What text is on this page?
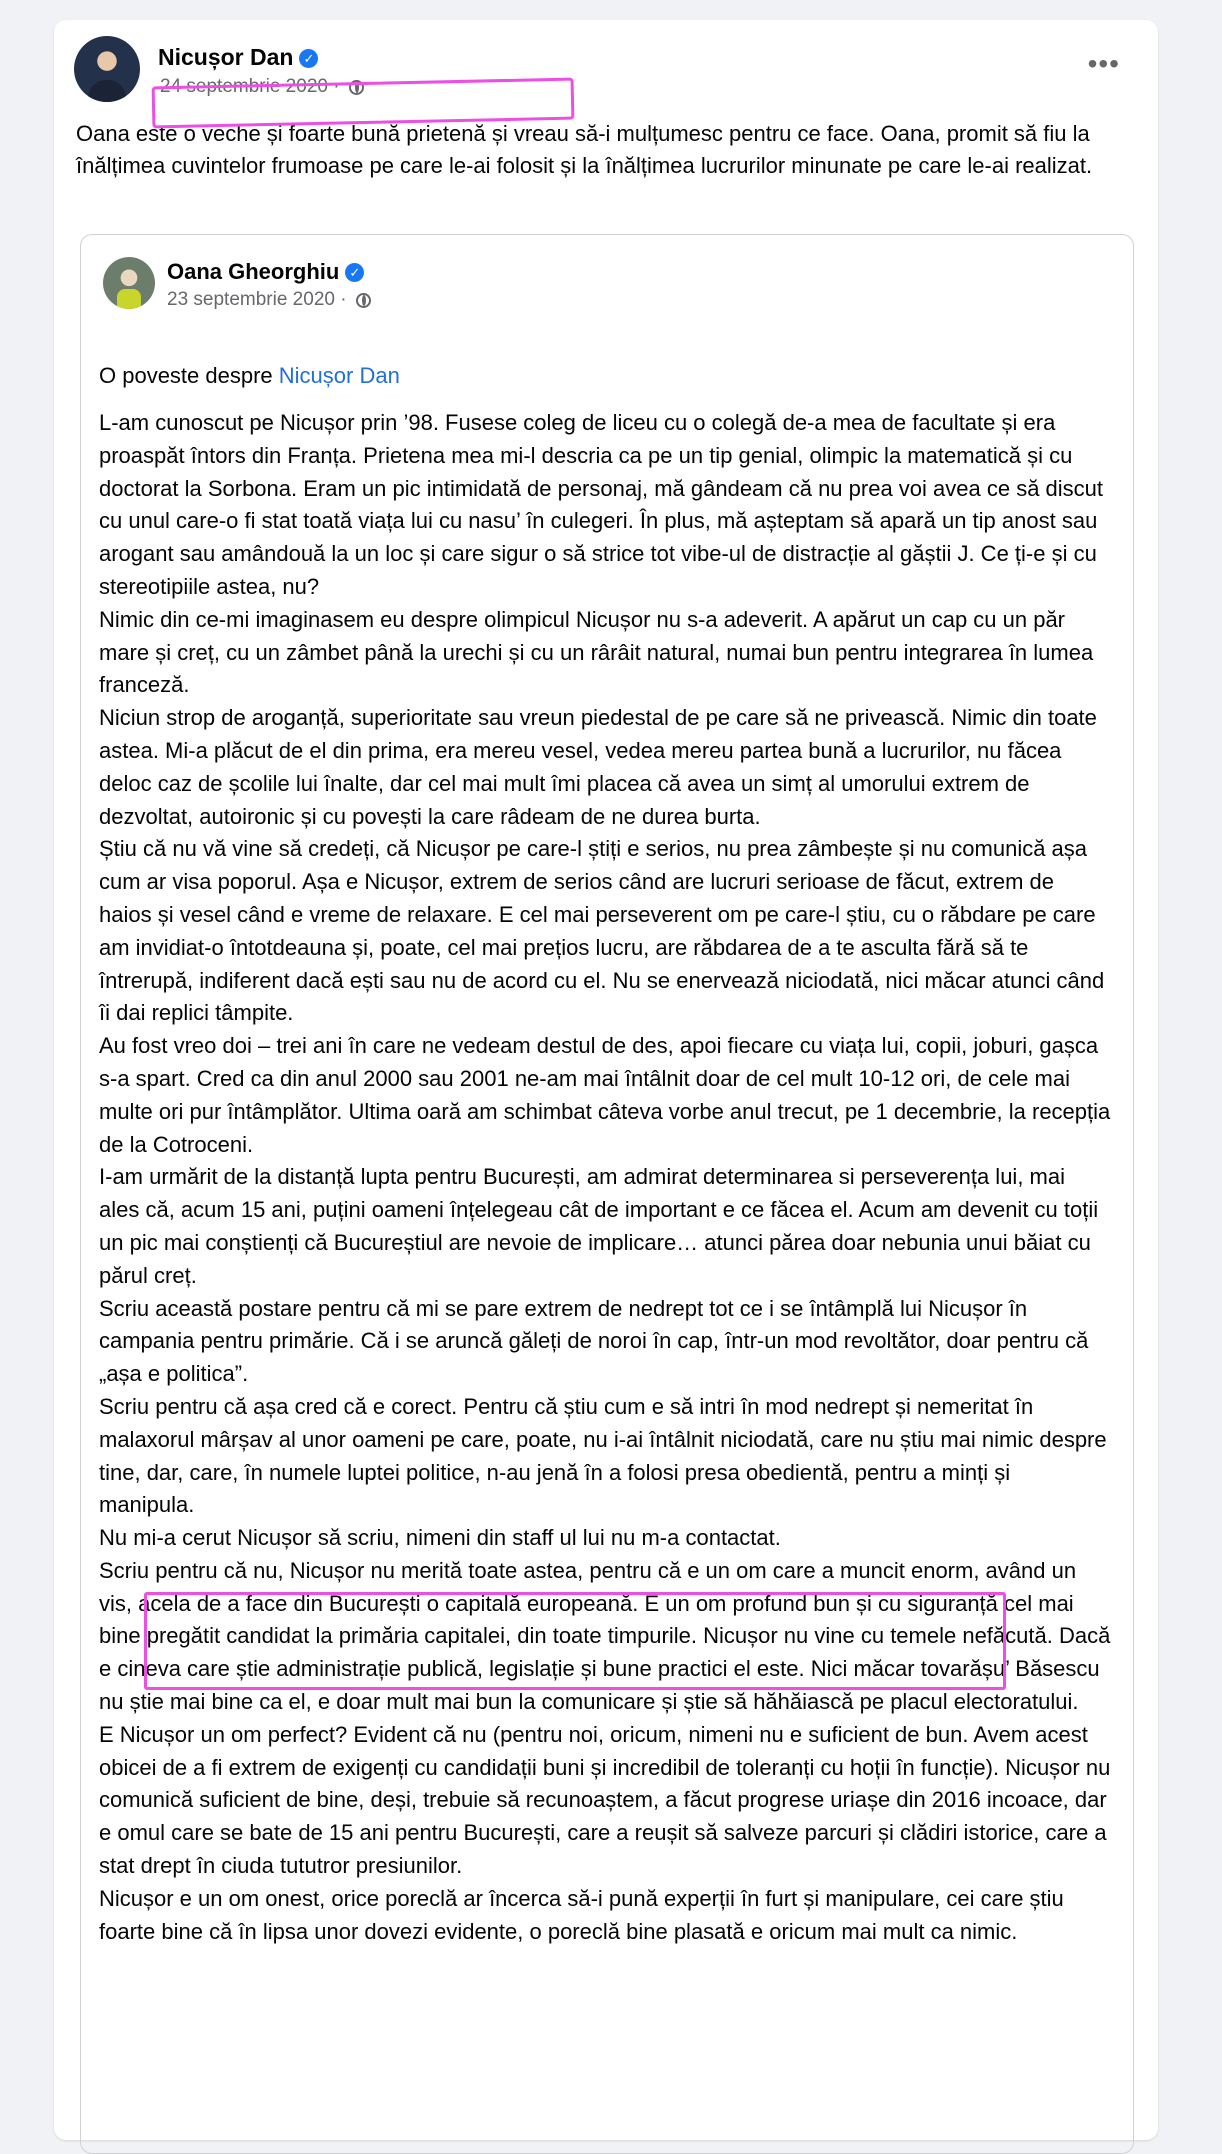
Nicușor Dan ✓
24 septembrie 2020 ·
•••
Oana este o veche și foarte bună prietenă și vreau să-i mulțumesc pentru ce face. Oana, promit să fiu la înălțimea cuvintelor frumoase pe care le-ai folosit și la înălțimea lucrurilor minunate pe care le-ai realizat.
Oana Gheorghiu ✓
23 septembrie 2020 ·
O poveste despre Nicușor Dan

L-am cunoscut pe Nicușor prin ’98. Fusese coleg de liceu cu o colegă de-a mea de facultate și era proaspăt întors din Franța. Prietena mea mi-l descria ca pe un tip genial, olimpic la matematică și cu doctorat la Sorbona. Eram un pic intimidată de personaj, mă gândeam că nu prea voi avea ce să discut cu unul care-o fi stat toată viața lui cu nasu’ în culegeri. În plus, mă așteptam să apară un tip anost sau arogant sau amândouă la un loc și care sigur o să strice tot vibe-ul de distracție al găștii J. Ce ți-e și cu stereotipiile astea, nu?

Nimic din ce-mi imaginasem eu despre olimpicul Nicușor nu s-a adeverit. A apărut un cap cu un păr mare și creț, cu un zâmbet până la urechi și cu un rârâit natural, numai bun pentru integrarea în lumea franceză.

Niciun strop de aroganță, superioritate sau vreun piedestal de pe care să ne privească. Nimic din toate astea. Mi-a plăcut de el din prima, era mereu vesel, vedea mereu partea bună a lucrurilor, nu făcea deloc caz de școlile lui înalte, dar cel mai mult îmi placea că avea un simț al umorului extrem de dezvoltat, autoironic și cu povești la care râdeam de ne durea burta.

Știu că nu vă vine să credeți, că Nicușor pe care-l știți e serios, nu prea zâmbește și nu comunică așa cum ar visa poporul. Așa e Nicușor, extrem de serios când are lucruri serioase de făcut, extrem de haios și vesel când e vreme de relaxare. E cel mai perseverent om pe care-l știu, cu o răbdare pe care am invidiat-o întotdeauna și, poate, cel mai prețios lucru, are răbdarea de a te asculta fără să te întrerupă, indiferent dacă ești sau nu de acord cu el. Nu se enervează niciodată, nici măcar atunci când îi dai replici tâmpite.

Au fost vreo doi – trei ani în care ne vedeam destul de des, apoi fiecare cu viața lui, copii, joburi, gașca s-a spart. Cred ca din anul 2000 sau 2001 ne-am mai întâlnit doar de cel mult 10-12 ori, de cele mai multe ori pur întâmplător. Ultima oară am schimbat câteva vorbe anul trecut, pe 1 decembrie, la recepția de la Cotroceni.

I-am urmărit de la distanță lupta pentru București, am admirat determinarea si perseverența lui, mai ales că, acum 15 ani, puțini oameni înțelegeau cât de important e ce făcea el. Acum am devenit cu toții un pic mai conștienți că Bucureștiul are nevoie de implicare… atunci părea doar nebunia unui băiat cu părul creț.

Scriu această postare pentru că mi se pare extrem de nedrept tot ce i se întâmplă lui Nicușor în campania pentru primărie. Că i se aruncă găleți de noroi în cap, într-un mod revoltător, doar pentru că „așa e politica”.

Scriu pentru că așa cred că e corect. Pentru că știu cum e să intri în mod nedrept și nemeritat în malaxorul mârșav al unor oameni pe care, poate, nu i-ai întâlnit niciodată, care nu știu mai nimic despre tine, dar, care, în numele luptei politice, n-au jenă în a folosi presa obedientă, pentru a minți și manipula.

Nu mi-a cerut Nicușor să scriu, nimeni din staff ul lui nu m-a contactat.

Scriu pentru că nu, Nicușor nu merită toate astea, pentru că e un om care a muncit enorm, având un vis, acela de a face din București o capitală europeană. E un om profund bun și cu siguranță cel mai bine pregătit candidat la primăria capitalei, din toate timpurile. Nicușor nu vine cu temele nefăcută. Dacă e cineva care știe administrație publică, legislație și bune practici el este. Nici măcar tovarășu’ Băsescu nu știe mai bine ca el, e doar mult mai bun la comunicare și știe să hăhăiască pe placul electoratului.

E Nicușor un om perfect? Evident că nu (pentru noi, oricum, nimeni nu e suficient de bun. Avem acest obicei de a fi extrem de exigenți cu candidații buni și incredibil de toleranți cu hoții în funcție). Nicușor nu comunică suficient de bine, deși, trebuie să recunoaștem, a făcut progrese uriașe din 2016 incoace, dar e omul care se bate de 15 ani pentru București, care a reușit să salveze parcuri și clădiri istorice, care a stat drept în ciuda tututror presiunilor.

Nicușor e un om onest, orice poreclă ar încerca să-i pună experții în furt și manipulare, cei care știu foarte bine că în lipsa unor dovezi evidente, o poreclă bine plasată e oricum mai mult ca nimic.
